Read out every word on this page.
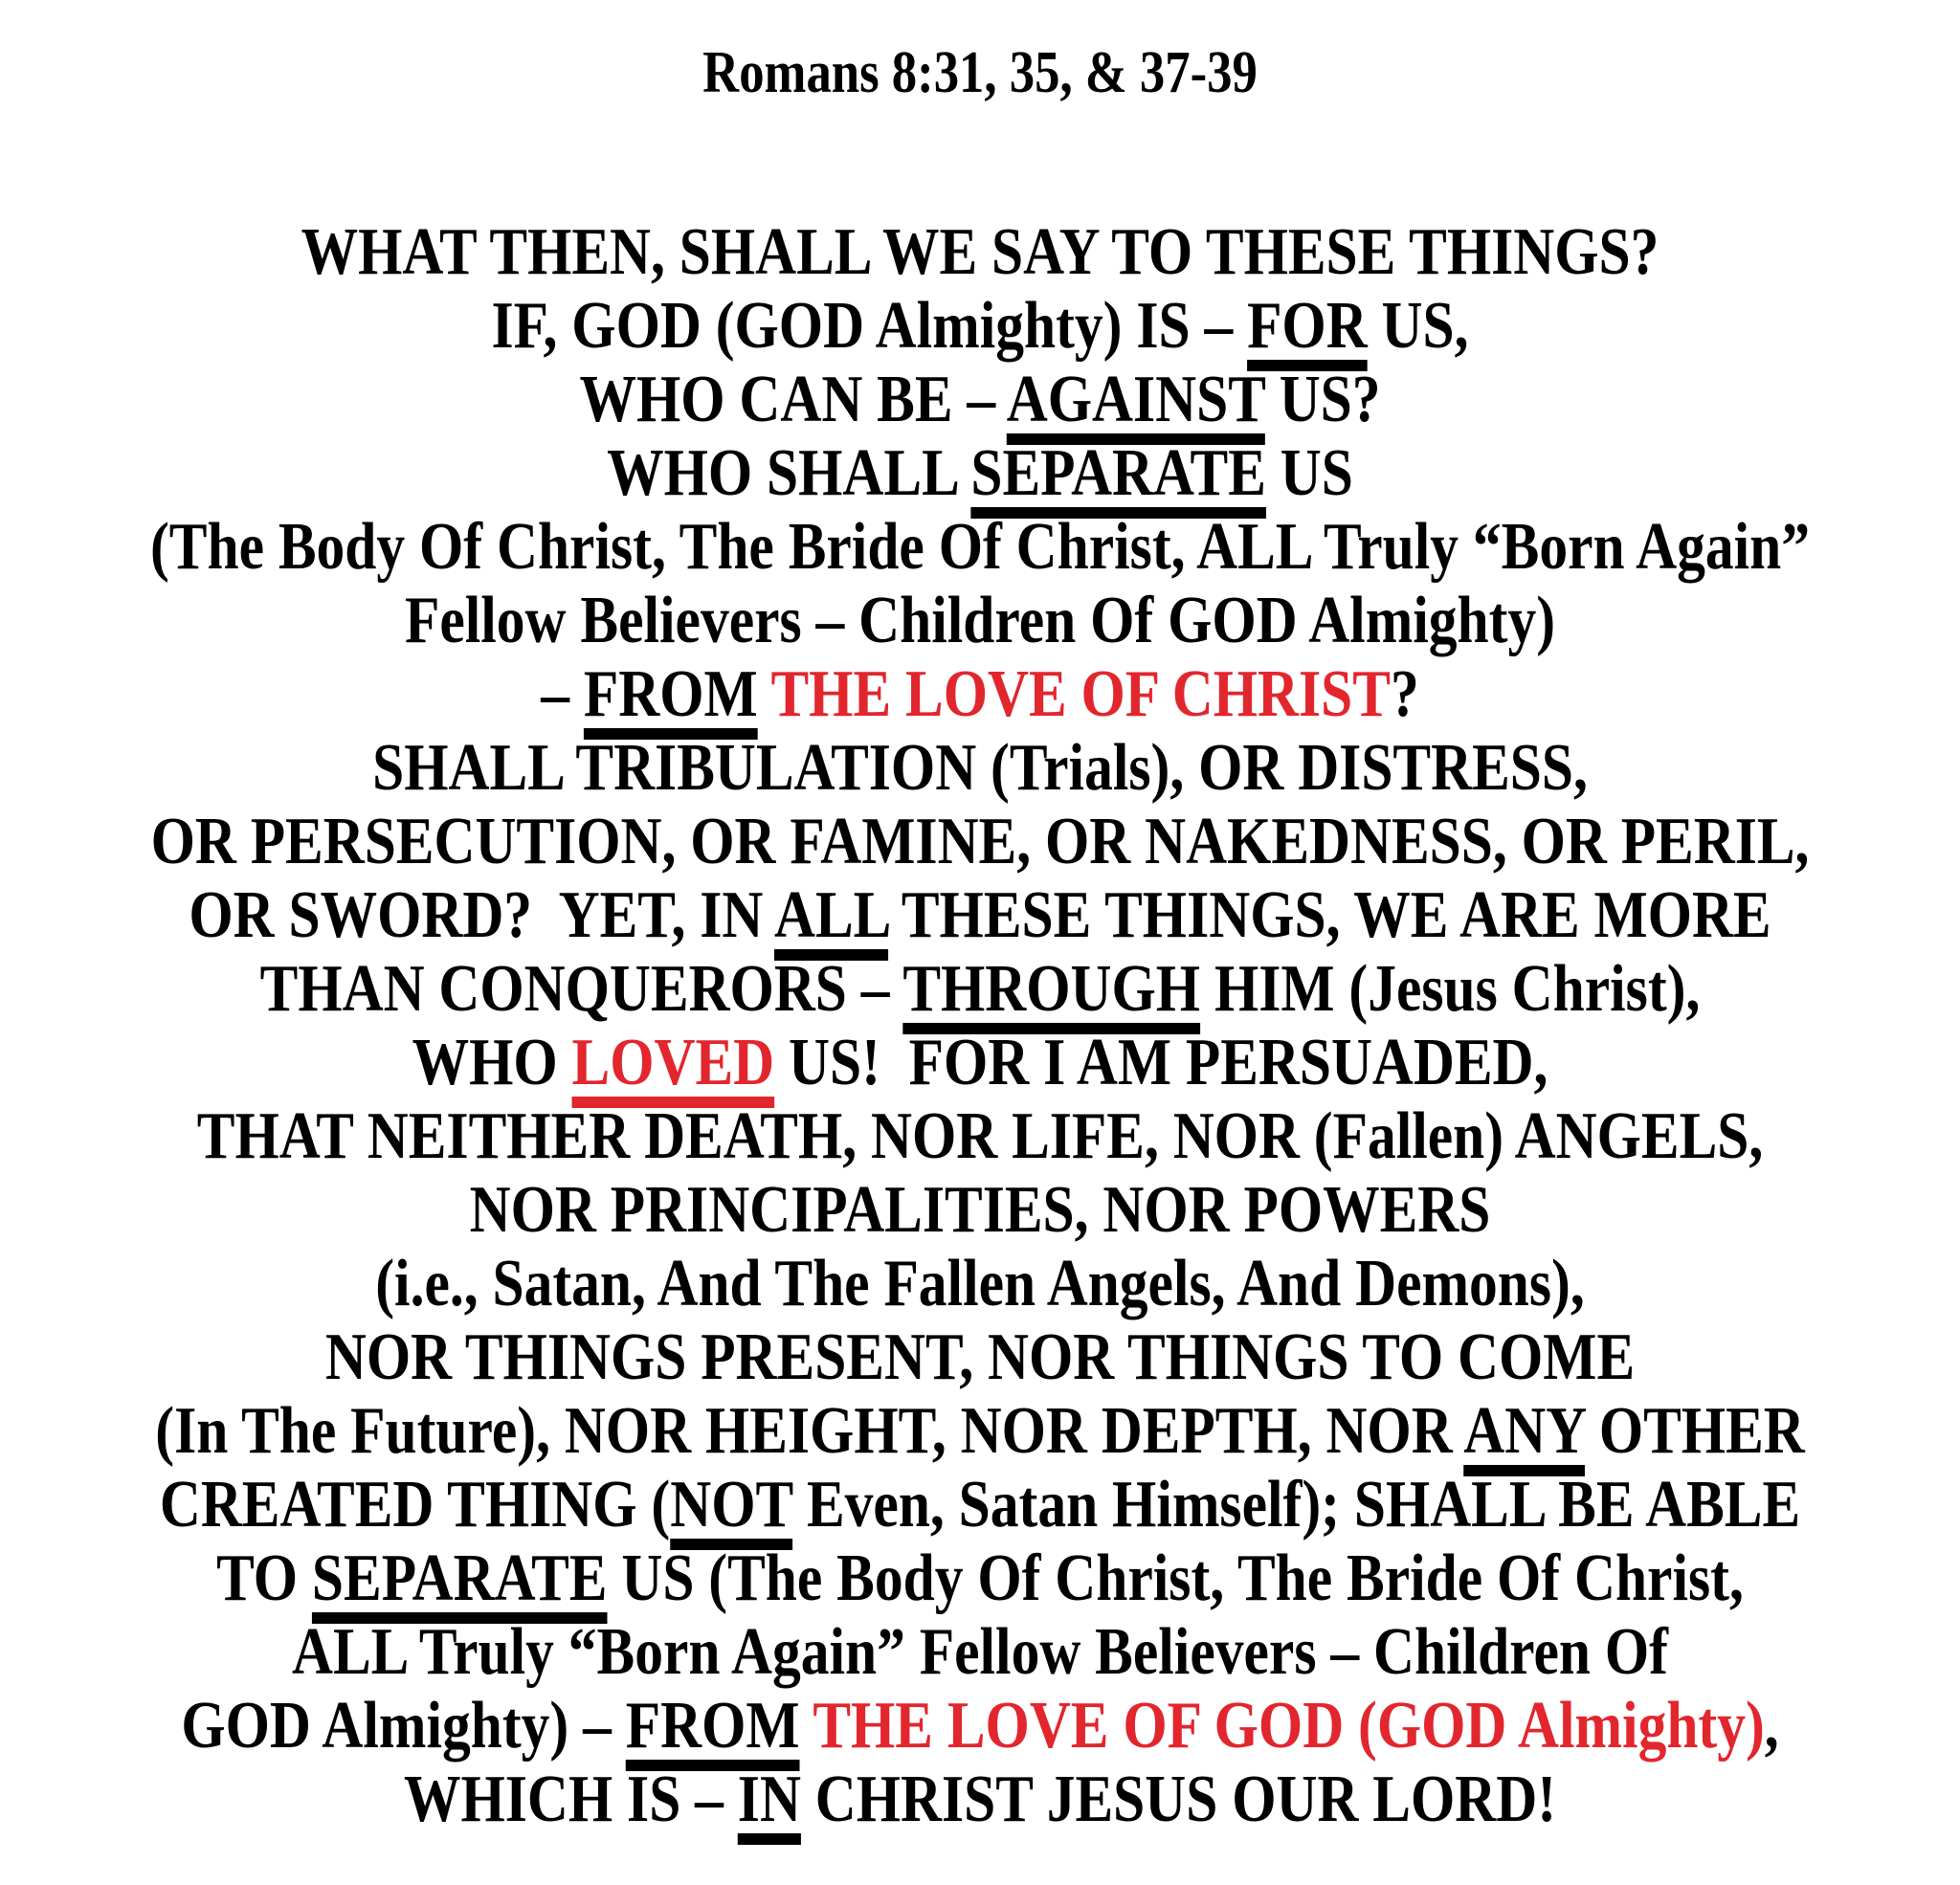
Romans 8:31, 35, & 37-39
WHAT THEN, SHALL WE SAY TO THESE THINGS?
IF, GOD (GOD Almighty) IS – FOR US,
WHO CAN BE – AGAINST US?
WHO SHALL SEPARATE US
(The Body Of Christ, The Bride Of Christ, ALL Truly “Born Again”
Fellow Believers – Children Of GOD Almighty)
– FROM THE LOVE OF CHRIST?
SHALL TRIBULATION (Trials), OR DISTRESS,
OR PERSECUTION, OR FAMINE, OR NAKEDNESS, OR PERIL,
OR SWORD?  YET, IN ALL THESE THINGS, WE ARE MORE
THAN CONQUERORS – THROUGH HIM (Jesus Christ),
WHO LOVED US!  FOR I AM PERSUADED,
THAT NEITHER DEATH, NOR LIFE, NOR (Fallen) ANGELS,
NOR PRINCIPALITIES, NOR POWERS
(i.e., Satan, And The Fallen Angels, And Demons),
NOR THINGS PRESENT, NOR THINGS TO COME
(In The Future), NOR HEIGHT, NOR DEPTH, NOR ANY OTHER
CREATED THING (NOT Even, Satan Himself); SHALL BE ABLE
TO SEPARATE US (The Body Of Christ, The Bride Of Christ,
ALL Truly “Born Again” Fellow Believers – Children Of
GOD Almighty) – FROM THE LOVE OF GOD (GOD Almighty),
WHICH IS – IN CHRIST JESUS OUR LORD!
